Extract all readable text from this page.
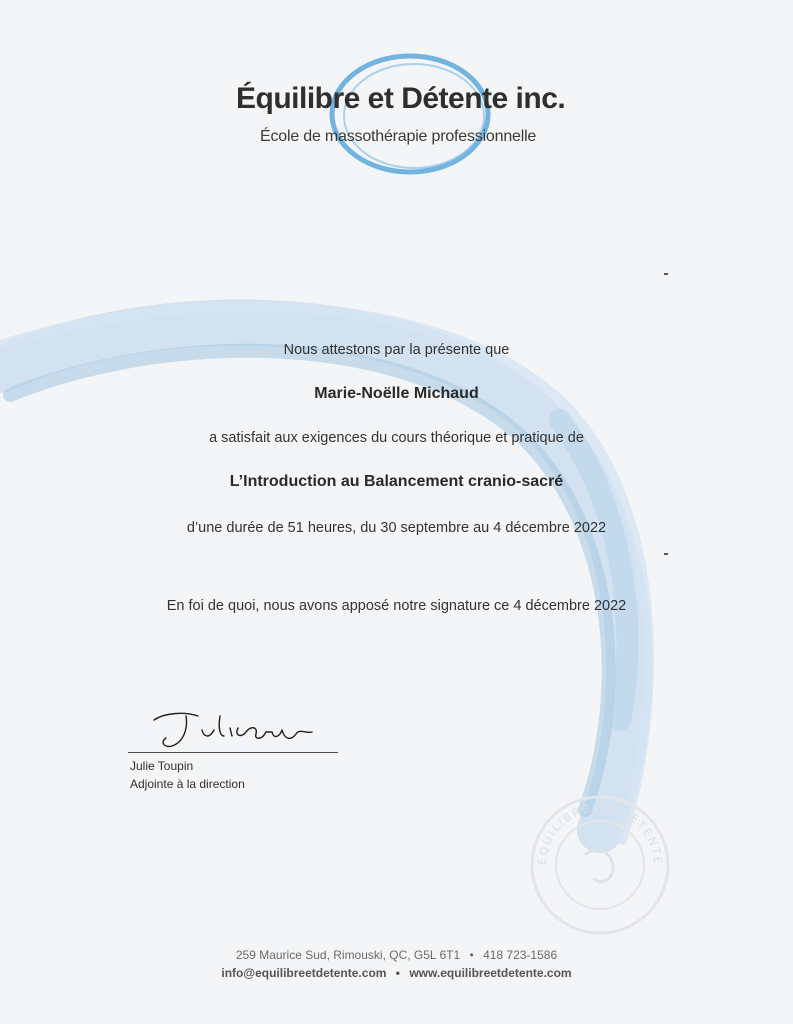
Équilibre et Détente inc.
École de massothérapie professionnelle
Nous attestons par la présente que
Marie-Noëlle Michaud
a satisfait aux exigences du cours théorique et pratique de
L’Introduction au Balancement cranio-sacré
d’une durée de 51 heures, du 30 septembre au 4 décembre 2022
En foi de quoi, nous avons apposé notre signature ce 4 décembre 2022
Julie Toupin
Adjointe à la direction
ÉQUILIBRE ET DÉTENTE
259 Maurice Sud, Rimouski, QC, G5L 6T1 • 418 723-1586
info@equilibreetdetente.com • www.equilibreetdetente.com
